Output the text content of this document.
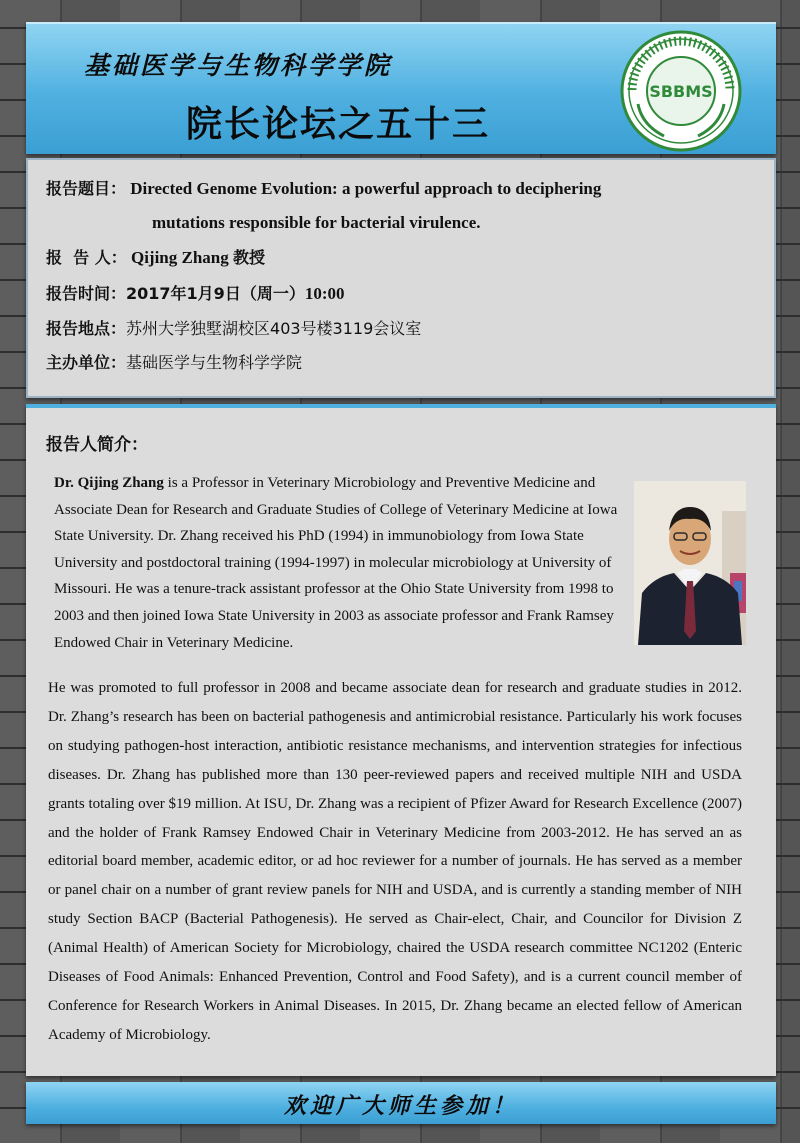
基础医学与生物科学学院
院长论坛之五十三
SBBMS
报告题目： Directed Genome Evolution: a powerful approach to deciphering
mutations responsible for bacterial virulence.
报  告 人： Qijing Zhang 教授
报告时间：2017年1月9日（周一）10:00
报告地点：苏州大学独墅湖校区403号楼3119会议室
主办单位：基础医学与生物科学学院
报告人简介：
Dr. Qijing Zhang is a Professor in Veterinary Microbiology and Preventive Medicine and Associate Dean for Research and Graduate Studies of College of Veterinary Medicine at Iowa State University. Dr. Zhang received his PhD (1994) in immunobiology from Iowa State University and postdoctoral training (1994-1997) in molecular microbiology at University of Missouri. He was a tenure-track assistant professor at the Ohio State University from 1998 to 2003 and then joined Iowa State University in 2003 as associate professor and Frank Ramsey Endowed Chair in Veterinary Medicine.
He was promoted to full professor in 2008 and became associate dean for research and graduate studies in 2012. Dr. Zhang’s research has been on bacterial pathogenesis and antimicrobial resistance. Particularly his work focuses on studying pathogen-host interaction, antibiotic resistance mechanisms, and intervention strategies for infectious diseases. Dr. Zhang has published more than 130 peer-reviewed papers and received multiple NIH and USDA grants totaling over $19 million. At ISU, Dr. Zhang was a recipient of Pfizer Award for Research Excellence (2007) and the holder of Frank Ramsey Endowed Chair in Veterinary Medicine from 2003-2012. He has served an as editorial board member, academic editor, or ad hoc reviewer for a number of journals. He has served as a member or panel chair on a number of grant review panels for NIH and USDA, and is currently a standing member of NIH study Section BACP (Bacterial Pathogenesis). He served as Chair-elect, Chair, and Councilor for Division Z (Animal Health) of American Society for Microbiology, chaired the USDA research committee NC1202 (Enteric Diseases of Food Animals: Enhanced Prevention, Control and Food Safety), and is a current council member of Conference for Research Workers in Animal Diseases. In 2015, Dr. Zhang became an elected fellow of American Academy of Microbiology.
欢迎广大师生参加！
